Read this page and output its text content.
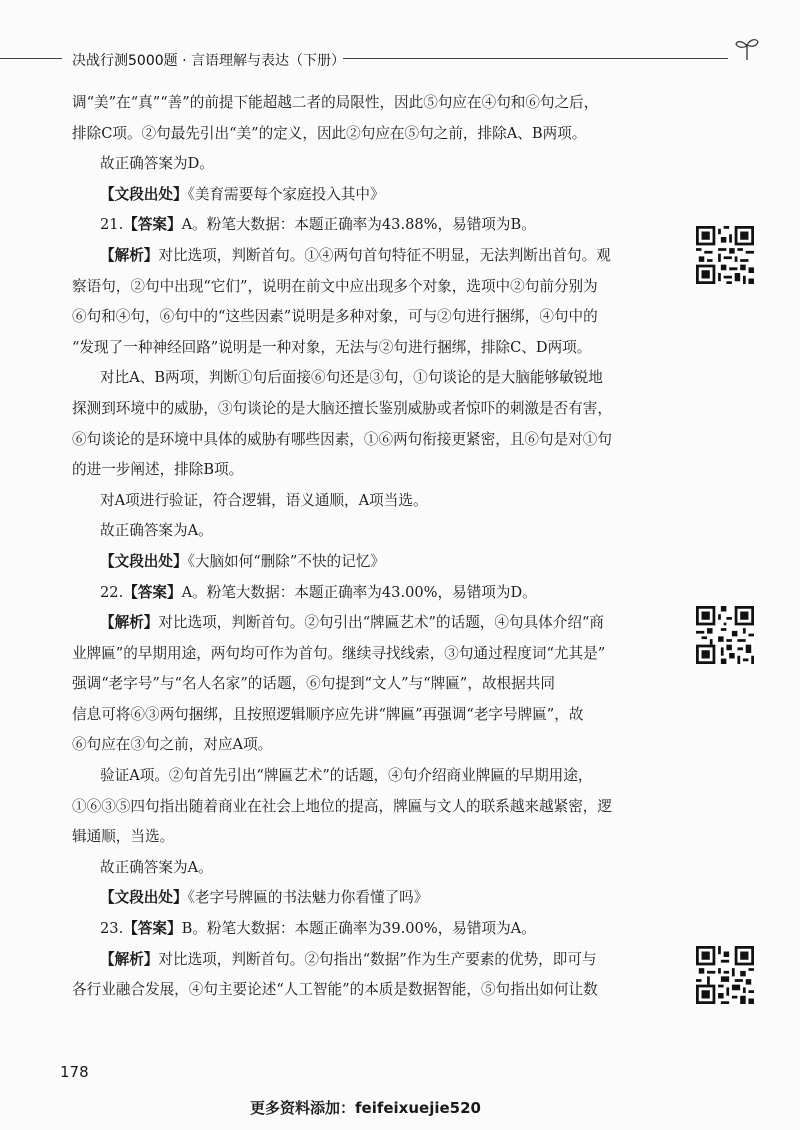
决战行测5000题 · 言语理解与表达（下册）

调“美”在“真”“善”的前提下能超越二者的局限性，因此⑤句应在④句和⑥句之后，

排除C项。②句最先引出“美”的定义，因此②句应在⑤句之前，排除A、B两项。

故正确答案为D。

【文段出处】《美育需要每个家庭投入其中》

21.【答案】A。粉笔大数据：本题正确率为43.88%，易错项为B。

【解析】对比选项，判断首句。①④两句首句特征不明显，无法判断出首句。观

察语句，②句中出现“它们”，说明在前文中应出现多个对象，选项中②句前分别为

⑥句和④句，⑥句中的“这些因素”说明是多种对象，可与②句进行捆绑，④句中的

“发现了一种神经回路”说明是一种对象，无法与②句进行捆绑，排除C、D两项。

对比A、B两项，判断①句后面接⑥句还是③句，①句谈论的是大脑能够敏锐地

探测到环境中的威胁，③句谈论的是大脑还擅长鉴别威胁或者惊吓的刺激是否有害，

⑥句谈论的是环境中具体的威胁有哪些因素，①⑥两句衔接更紧密，且⑥句是对①句

的进一步阐述，排除B项。

对A项进行验证，符合逻辑，语义通顺，A项当选。

故正确答案为A。

【文段出处】《大脑如何“删除”不快的记忆》

22.【答案】A。粉笔大数据：本题正确率为43.00%，易错项为D。

【解析】对比选项，判断首句。②句引出“牌匾艺术”的话题，④句具体介绍“商

业牌匾”的早期用途，两句均可作为首句。继续寻找线索，③句通过程度词“尤其是”

强调“老字号”与“名人名家”的话题，⑥句提到“文人”与“牌匾”，故根据共同

信息可将⑥③两句捆绑，且按照逻辑顺序应先讲“牌匾”再强调“老字号牌匾”，故

⑥句应在③句之前，对应A项。

验证A项。②句首先引出“牌匾艺术”的话题，④句介绍商业牌匾的早期用途，

①⑥③⑤四句指出随着商业在社会上地位的提高，牌匾与文人的联系越来越紧密，逻

辑通顺，当选。

故正确答案为A。

【文段出处】《老字号牌匾的书法魅力你看懂了吗》

23.【答案】B。粉笔大数据：本题正确率为39.00%，易错项为A。

【解析】对比选项，判断首句。②句指出“数据”作为生产要素的优势，即可与

各行业融合发展，④句主要论述“人工智能”的本质是数据智能，⑤句指出如何让数

178
更多资料添加：feifeixuejie520
